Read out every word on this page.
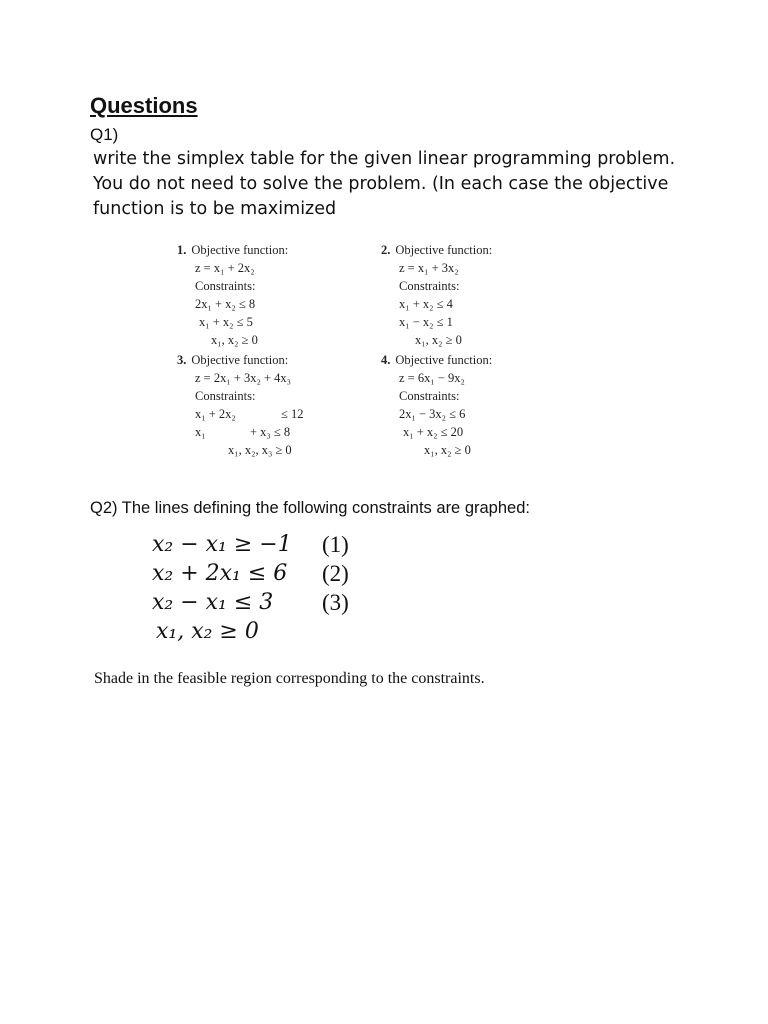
Questions
Q1)

write the simplex table for the given linear programming problem.
You do not need to solve the problem. (In each case the objective
function is to be maximized

1. Objective function:
z = x₁ + 2x₂
Constraints:
2x₁ + x₂ ≤ 8
x₁ + x₂ ≤ 5
x₁, x₂ ≥ 0
2. Objective function:
z = x₁ + 3x₂
Constraints:
x₁ + x₂ ≤ 4
x₁ − x₂ ≤ 1
x₁, x₂ ≥ 0
3. Objective function:
z = 2x₁ + 3x₂ + 4x₃
Constraints:
x₁ + 2x₂	≤ 12
x₁	+ x₃ ≤ 8
x₁, x₂, x₃ ≥ 0
4. Objective function:
z = 6x₁ − 9x₂
Constraints:
2x₁ − 3x₂ ≤ 6
x₁ + x₂ ≤ 20
x₁, x₂ ≥ 0
Q2) The lines defining the following constraints are graphed:
x₂ − x₁ ≥ −1 (1)
x₂ + 2x₁ ≤ 6 (2)
x₂ − x₁ ≤ 3 (3)
x₁, x₂ ≥ 0
Shade in the feasible region corresponding to the constraints.
